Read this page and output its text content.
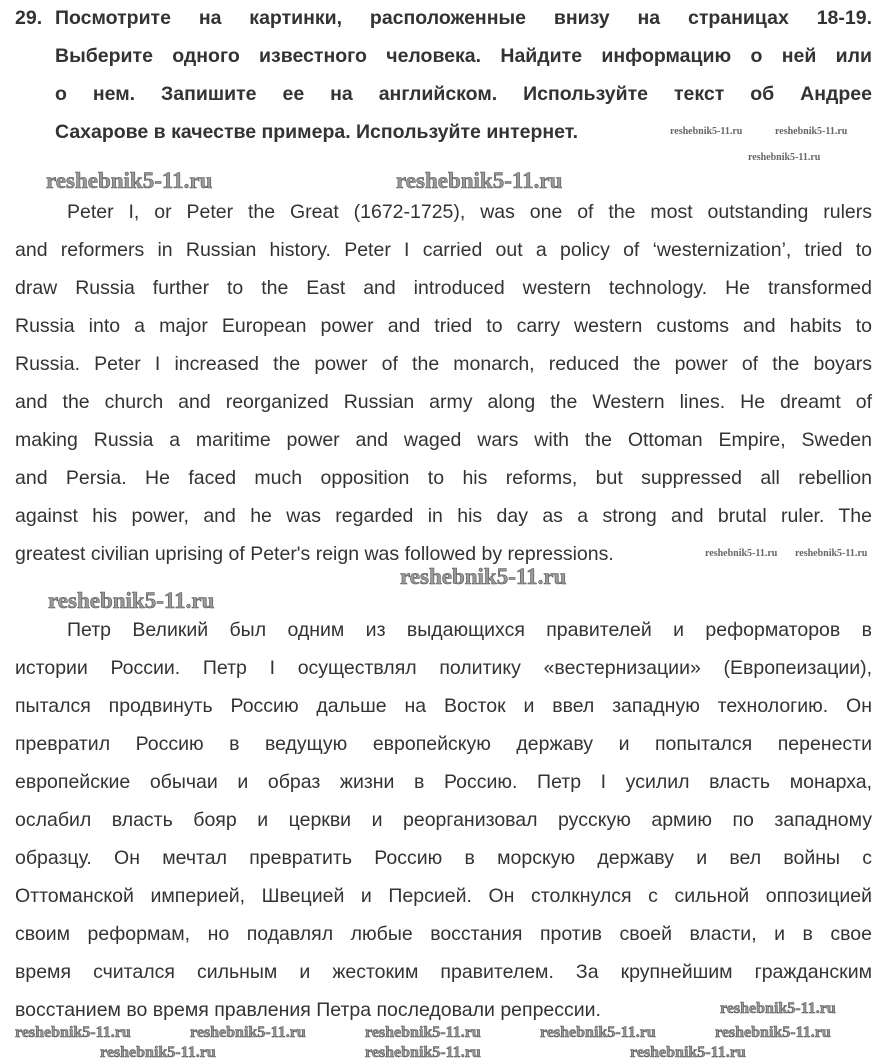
29. Посмотрите на картинки, расположенные внизу на страницах 18-19.
Выберите одного известного человека. Найдите информацию о ней или
о нем. Запишите ее на английском. Используйте текст об Андрее
Сахарове в качестве примера. Используйте интернет.
Peter I, or Peter the Great (1672-1725), was one of the most outstanding rulers
and reformers in Russian history. Peter I carried out a policy of ‘westernization’, tried to
draw Russia further to the East and introduced western technology. He transformed
Russia into a major European power and tried to carry western customs and habits to
Russia. Peter I increased the power of the monarch, reduced the power of the boyars
and the church and reorganized Russian army along the Western lines. He dreamt of
making Russia a maritime power and waged wars with the Ottoman Empire, Sweden
and Persia. He faced much opposition to his reforms, but suppressed all rebellion
against his power, and he was regarded in his day as a strong and brutal ruler. The
greatest civilian uprising of Peter's reign was followed by repressions.
Петр Великий был одним из выдающихся правителей и реформаторов в
истории России. Петр I осуществлял политику «вестернизации» (Европеизации),
пытался продвинуть Россию дальше на Восток и ввел западную технологию. Он
превратил Россию в ведущую европейскую державу и попытался перенести
европейские обычаи и образ жизни в Россию. Петр I усилил власть монарха,
ослабил власть бояр и церкви и реорганизовал русскую армию по западному
образцу. Он мечтал превратить Россию в морскую державу и вел войны с
Оттоманской империей, Швецией и Персией. Он столкнулся с сильной оппозицией
своим реформам, но подавлял любые восстания против своей власти, и в свое
время считался сильным и жестоким правителем. За крупнейшим гражданским
восстанием во время правления Петра последовали репрессии.
reshebnik5-11.ru	reshebnik5-11.ru
reshebnik5-11.ru
reshebnik5-11.ru	reshebnik5-11.ru
reshebnik5-11.ru reshebnik5-11.ru
reshebnik5-11.ru
reshebnik5-11.ru
reshebnik5-11.ru
reshebnik5-11.ru	reshebnik5-11.ru	reshebnik5-11.ru	reshebnik5-11.ru	reshebnik5-11.ru
reshebnik5-11.ru	reshebnik5-11.ru	reshebnik5-11.ru
